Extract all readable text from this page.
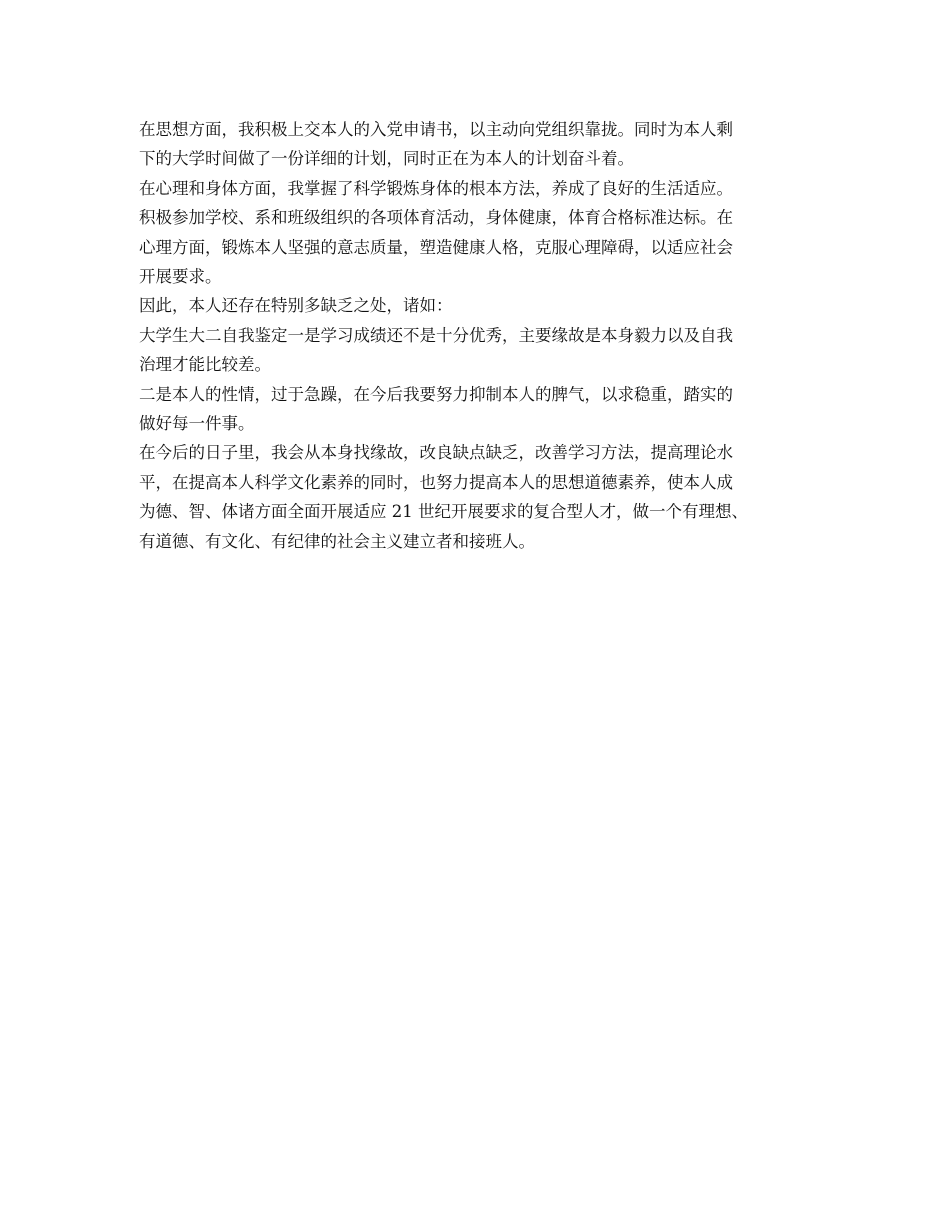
在思想方面，我积极上交本人的入党申请书，以主动向党组织靠拢。同时为本人剩
下的大学时间做了一份详细的计划，同时正在为本人的计划奋斗着。

在心理和身体方面，我掌握了科学锻炼身体的根本方法，养成了良好的生活适应。

积极参加学校、系和班级组织的各项体育活动，身体健康，体育合格标准达标。在
心理方面，锻炼本人坚强的意志质量，塑造健康人格，克服心理障碍，以适应社会
开展要求。

因此，本人还存在特别多缺乏之处，诸如：

大学生大二自我鉴定一是学习成绩还不是十分优秀，主要缘故是本身毅力以及自我
治理才能比较差。

二是本人的性情，过于急躁，在今后我要努力抑制本人的脾气，以求稳重，踏实的
做好每一件事。

在今后的日子里，我会从本身找缘故，改良缺点缺乏，改善学习方法，提高理论水
平，在提高本人科学文化素养的同时，也努力提高本人的思想道德素养，使本人成
为德、智、体诸方面全面开展适应 21 世纪开展要求的复合型人才，做一个有理想、
有道德、有文化、有纪律的社会主义建立者和接班人。
